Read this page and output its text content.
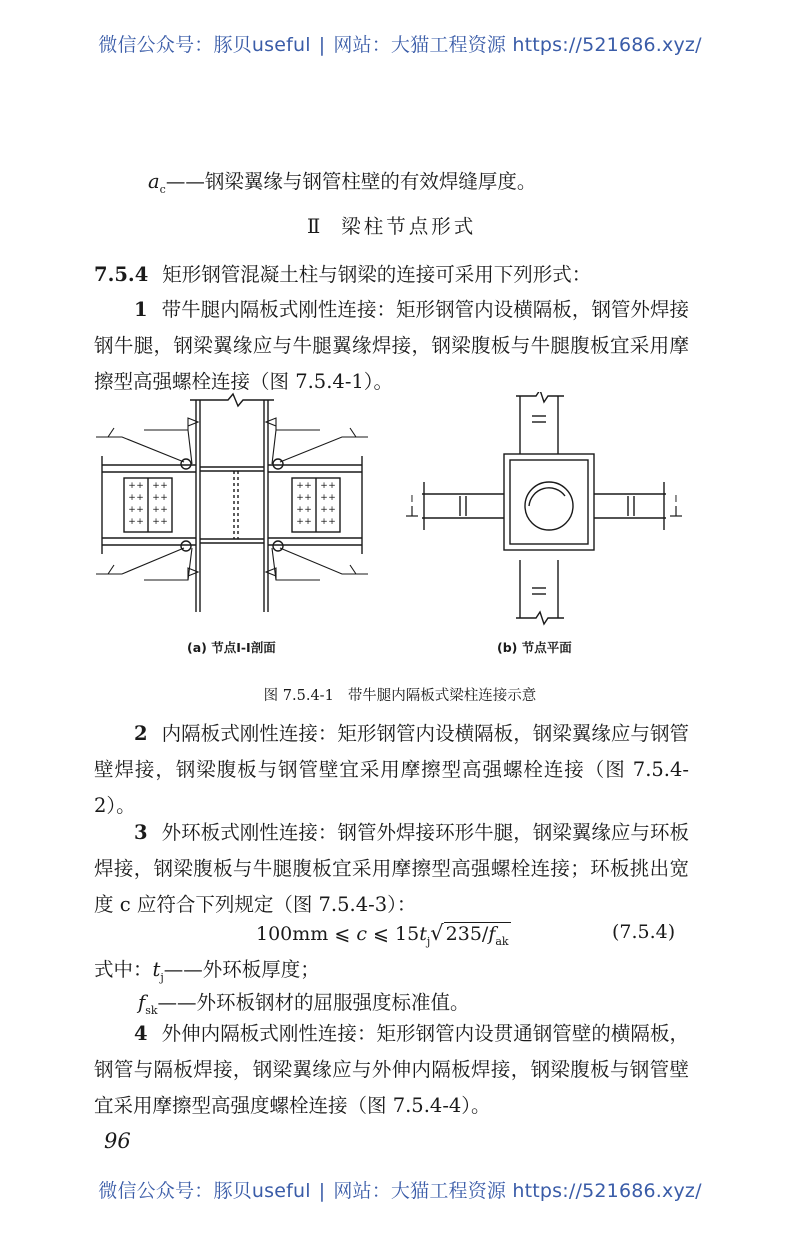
微信公众号：豚贝useful | 网站：大猫工程资源 https://521686.xyz/
$a_c——$钢梁翼缘与钢管柱壁的有效焊缝厚度。
Ⅱ 梁柱节点形式
7.5.4 矩形钢管混凝土柱与钢梁的连接可采用下列形式：
1 带牛腿内隔板式刚性连接：矩形钢管内设横隔板，钢管外焊接钢牛腿，钢梁翼缘应与牛腿翼缘焊接，钢梁腹板与牛腿腹板宜采用摩擦型高强螺栓连接（图 7.5.4-1）。
+ + + +
+ + + +
+ + + +
+ + + +
+ + + +
+ + + +
+ + + +
+ + + +
Ⅰ	Ⅰ
(a) 节点Ⅰ-Ⅰ剖面	(b) 节点平面
图 7.5.4-1 带牛腿内隔板式梁柱连接示意
2 内隔板式刚性连接：矩形钢管内设横隔板，钢梁翼缘应与钢管壁焊接，钢梁腹板与钢管壁宜采用摩擦型高强螺栓连接（图 7.5.4-2）。
3 外环板式刚性连接：钢管外焊接环形牛腿，钢梁翼缘应与环板焊接，钢梁腹板与牛腿腹板宜采用摩擦型高强螺栓连接；环板挑出宽度 c 应符合下列规定（图 7.5.4-3）：
100mm ⩽ c ⩽ $15t_j√$ $235/f_{ak}$	(7.5.4)
式中：$t_j——$外环板厚度；
$f_{sk}——$外环板钢材的屈服强度标准值。
4 外伸内隔板式刚性连接：矩形钢管内设贯通钢管壁的横隔板，钢管与隔板焊接，钢梁翼缘应与外伸内隔板焊接，钢梁腹板与钢管壁宜采用摩擦型高强度螺栓连接（图 7.5.4-4）。
96
微信公众号：豚贝useful | 网站：大猫工程资源 https://521686.xyz/
